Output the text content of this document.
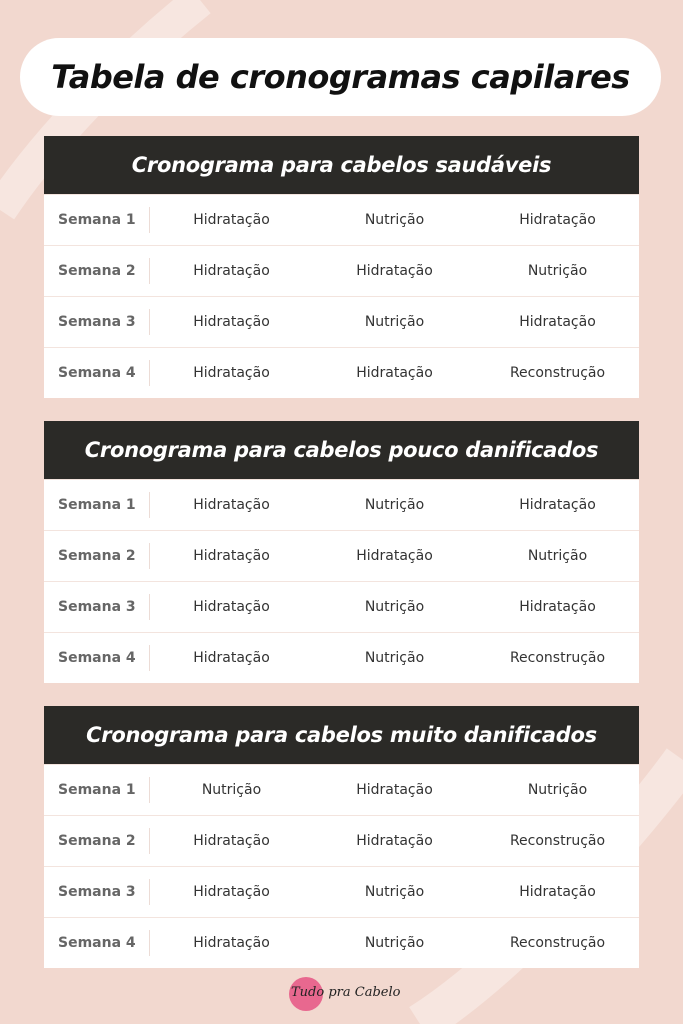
Tabela de cronogramas capilares
Cronograma para cabelos saudáveis
Semana 1	Hidratação	Nutrição	Hidratação
Semana 2	Hidratação	Hidratação	Nutrição
Semana 3	Hidratação	Nutrição	Hidratação
Semana 4	Hidratação	Hidratação	Reconstrução
Cronograma para cabelos pouco danificados
Semana 1	Hidratação	Nutrição	Hidratação
Semana 2	Hidratação	Hidratação	Nutrição
Semana 3	Hidratação	Nutrição	Hidratação
Semana 4	Hidratação	Nutrição	Reconstrução
Cronograma para cabelos muito danificados
Semana 1	Nutrição	Hidratação	Nutrição
Semana 2	Hidratação	Hidratação	Reconstrução
Semana 3	Hidratação	Nutrição	Hidratação
Semana 4	Hidratação	Nutrição	Reconstrução
Tudo pra Cabelo
